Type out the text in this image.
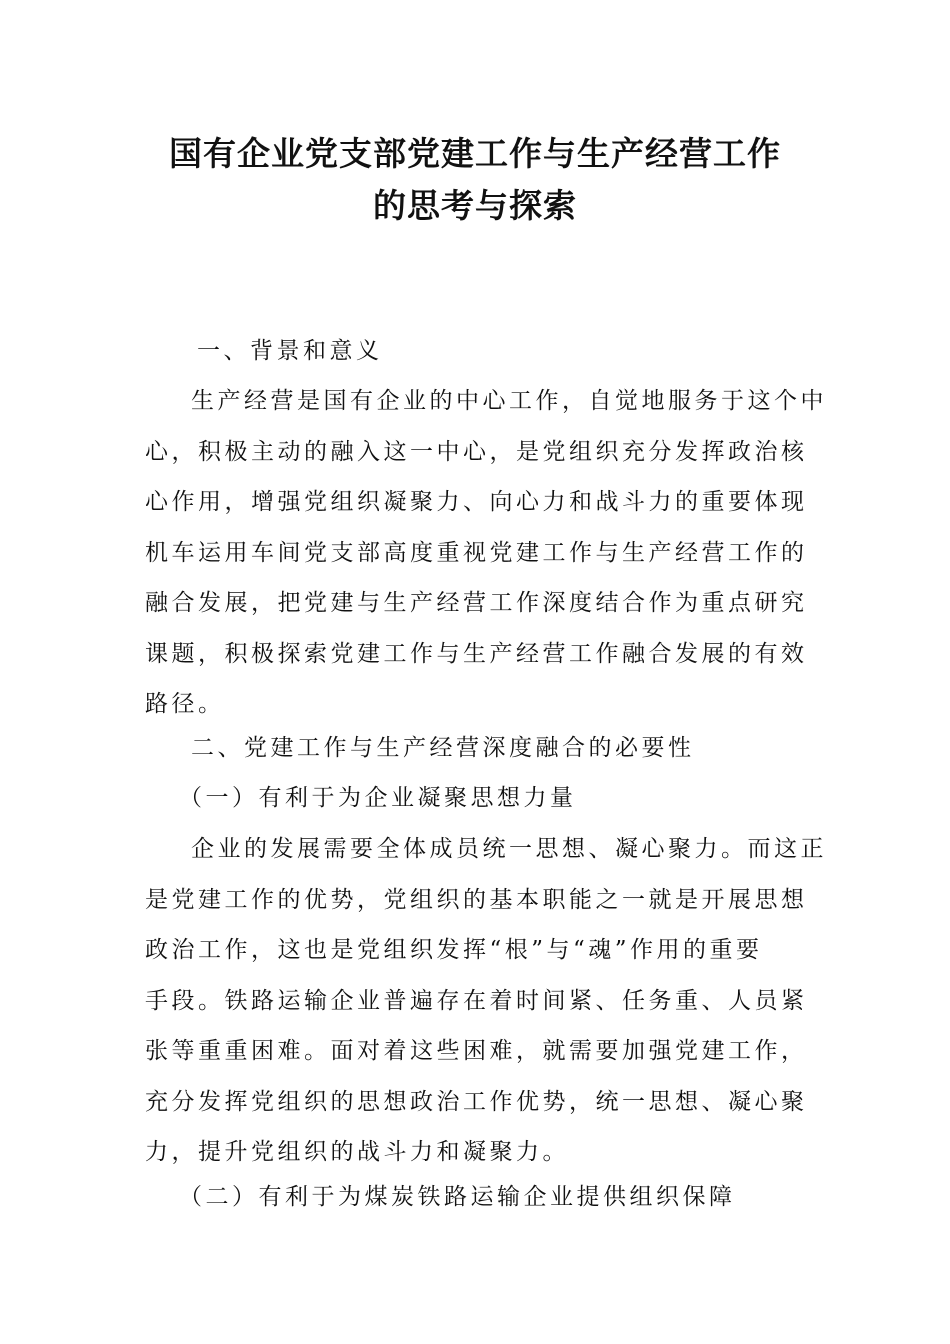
国有企业党支部党建工作与生产经营工作
的思考与探索
一、背景和意义
生产经营是国有企业的中心工作，自觉地服务于这个中
心，积极主动的融入这一中心，是党组织充分发挥政治核
心作用，增强党组织凝聚力、向心力和战斗力的重要体现
机车运用车间党支部高度重视党建工作与生产经营工作的
融合发展，把党建与生产经营工作深度结合作为重点研究
课题，积极探索党建工作与生产经营工作融合发展的有效
路径。
二、党建工作与生产经营深度融合的必要性
（一）有利于为企业凝聚思想力量
企业的发展需要全体成员统一思想、凝心聚力。而这正
是党建工作的优势，党组织的基本职能之一就是开展思想
政治工作，这也是党组织发挥“根”与“魂”作用的重要
手段。铁路运输企业普遍存在着时间紧、任务重、人员紧
张等重重困难。面对着这些困难，就需要加强党建工作，
充分发挥党组织的思想政治工作优势，统一思想、凝心聚
力，提升党组织的战斗力和凝聚力。
（二）有利于为煤炭铁路运输企业提供组织保障
